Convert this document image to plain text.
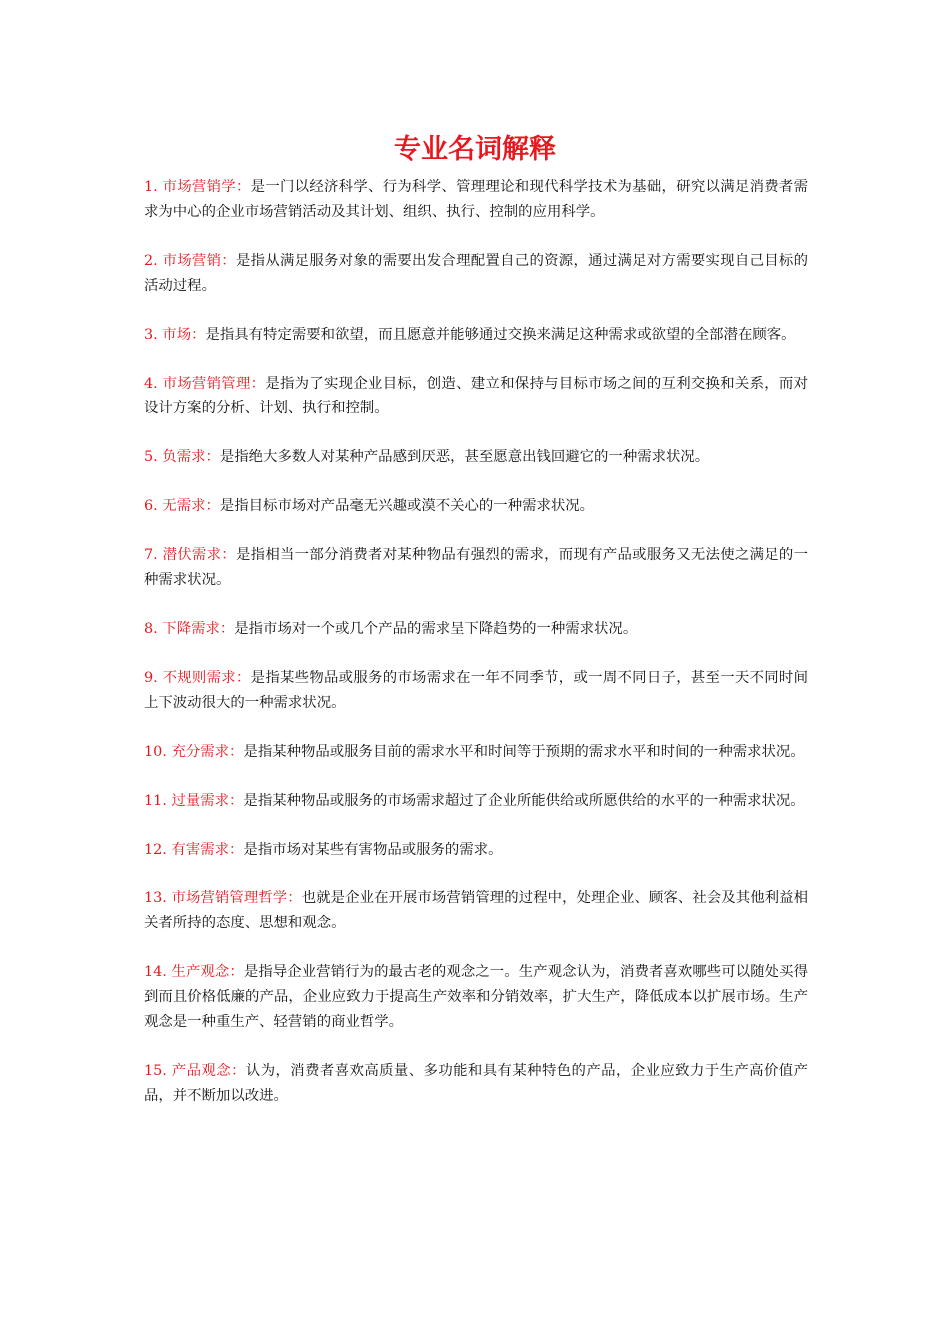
专业名词解释

1. 市场营销学：是一门以经济科学、行为科学、管理理论和现代科学技术为基础，研究以满足消费者需求为中心的企业市场营销活动及其计划、组织、执行、控制的应用科学。

2. 市场营销：是指从满足服务对象的需要出发合理配置自己的资源，通过满足对方需要实现自己目标的活动过程。

3. 市场：是指具有特定需要和欲望，而且愿意并能够通过交换来满足这种需求或欲望的全部潜在顾客。

4. 市场营销管理：是指为了实现企业目标，创造、建立和保持与目标市场之间的互利交换和关系，而对设计方案的分析、计划、执行和控制。

5. 负需求：是指绝大多数人对某种产品感到厌恶，甚至愿意出钱回避它的一种需求状况。

6. 无需求：是指目标市场对产品毫无兴趣或漠不关心的一种需求状况。

7. 潜伏需求：是指相当一部分消费者对某种物品有强烈的需求，而现有产品或服务又无法使之满足的一种需求状况。

8. 下降需求：是指市场对一个或几个产品的需求呈下降趋势的一种需求状况。

9. 不规则需求：是指某些物品或服务的市场需求在一年不同季节，或一周不同日子，甚至一天不同时间上下波动很大的一种需求状况。

10. 充分需求：是指某种物品或服务目前的需求水平和时间等于预期的需求水平和时间的一种需求状况。

11. 过量需求：是指某种物品或服务的市场需求超过了企业所能供给或所愿供给的水平的一种需求状况。

12. 有害需求：是指市场对某些有害物品或服务的需求。

13. 市场营销管理哲学：也就是企业在开展市场营销管理的过程中，处理企业、顾客、社会及其他利益相关者所持的态度、思想和观念。

14. 生产观念：是指导企业营销行为的最古老的观念之一。生产观念认为，消费者喜欢哪些可以随处买得到而且价格低廉的产品，企业应致力于提高生产效率和分销效率，扩大生产，降低成本以扩展市场。生产观念是一种重生产、轻营销的商业哲学。

15. 产品观念：认为，消费者喜欢高质量、多功能和具有某种特色的产品，企业应致力于生产高价值产品，并不断加以改进。
